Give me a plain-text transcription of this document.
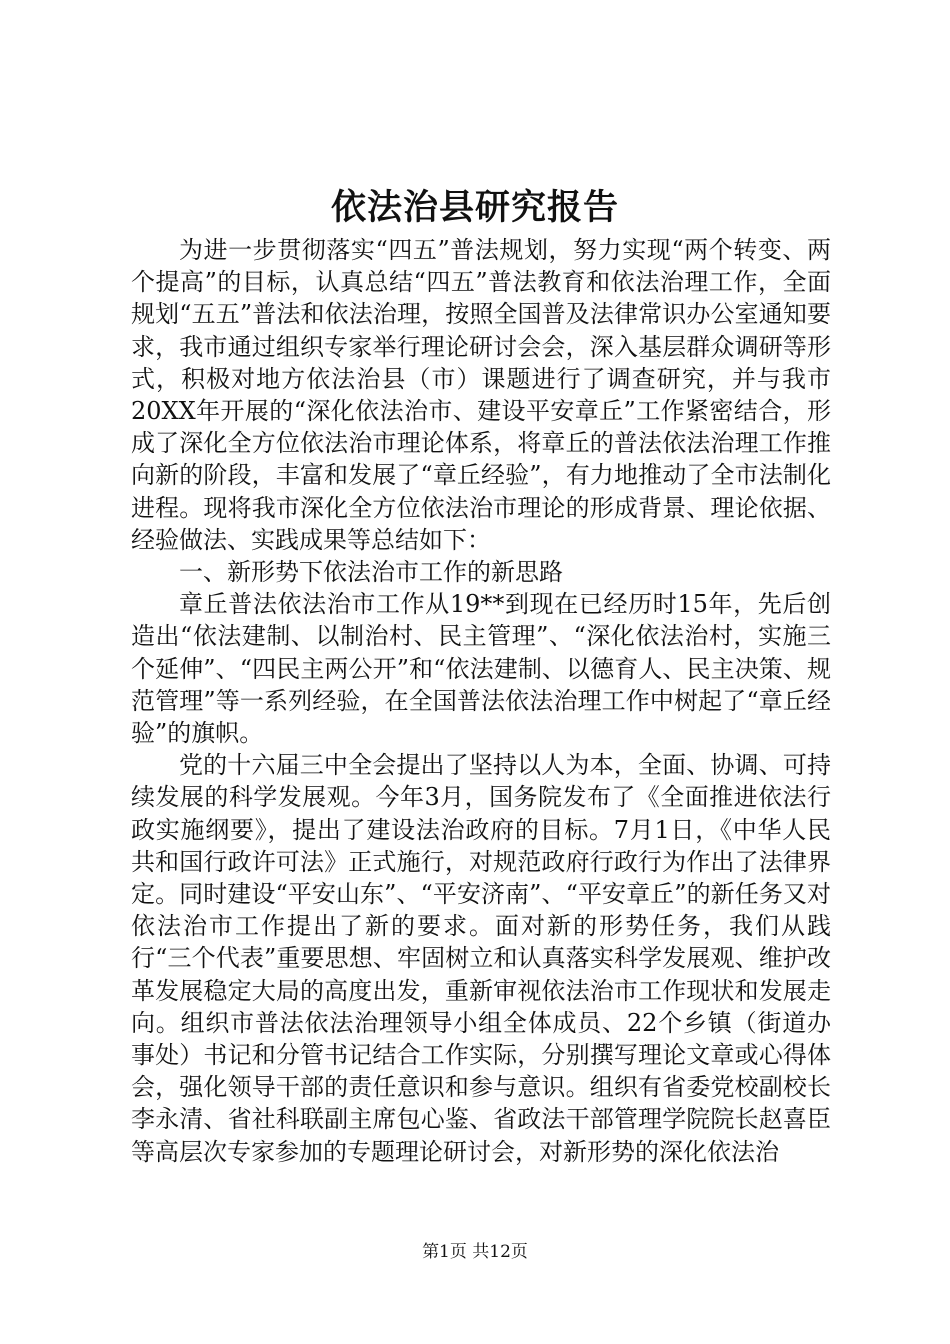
依法治县研究报告

为进一步贯彻落实“四五”普法规划，努力实现“两个转变、两个提高”的目标，认真总结“四五”普法教育和依法治理工作，全面规划“五五”普法和依法治理，按照全国普及法律常识办公室通知要求，我市通过组织专家举行理论研讨会会，深入基层群众调研等形式，积极对地方依法治县（市）课题进行了调查研究，并与我市20XX年开展的“深化依法治市、建设平安章丘”工作紧密结合，形成了深化全方位依法治市理论体系，将章丘的普法依法治理工作推向新的阶段，丰富和发展了“章丘经验”，有力地推动了全市法制化进程。现将我市深化全方位依法治市理论的形成背景、理论依据、经验做法、实践成果等总结如下：

一、新形势下依法治市工作的新思路

章丘普法依法治市工作从19**到现在已经历时15年，先后创造出“依法建制、以制治村、民主管理”、“深化依法治村，实施三个延伸”、“四民主两公开”和“依法建制、以德育人、民主决策、规范管理”等一系列经验，在全国普法依法治理工作中树起了“章丘经验”的旗帜。

党的十六届三中全会提出了坚持以人为本，全面、协调、可持续发展的科学发展观。今年3月，国务院发布了《全面推进依法行政实施纲要》，提出了建设法治政府的目标。7月1日，《中华人民共和国行政许可法》正式施行，对规范政府行政行为作出了法律界定。同时建设“平安山东”、“平安济南”、“平安章丘”的新任务又对依法治市工作提出了新的要求。面对新的形势任务，我们从践行“三个代表”重要思想、牢固树立和认真落实科学发展观、维护改革发展稳定大局的高度出发，重新审视依法治市工作现状和发展走向。组织市普法依法治理领导小组全体成员、22个乡镇（街道办事处）书记和分管书记结合工作实际，分别撰写理论文章或心得体会，强化领导干部的责任意识和参与意识。组织有省委党校副校长李永清、省社科联副主席包心鉴、省政法干部管理学院院长赵喜臣等高层次专家参加的专题理论研讨会，对新形势的深化依法治

第1页 共12页
